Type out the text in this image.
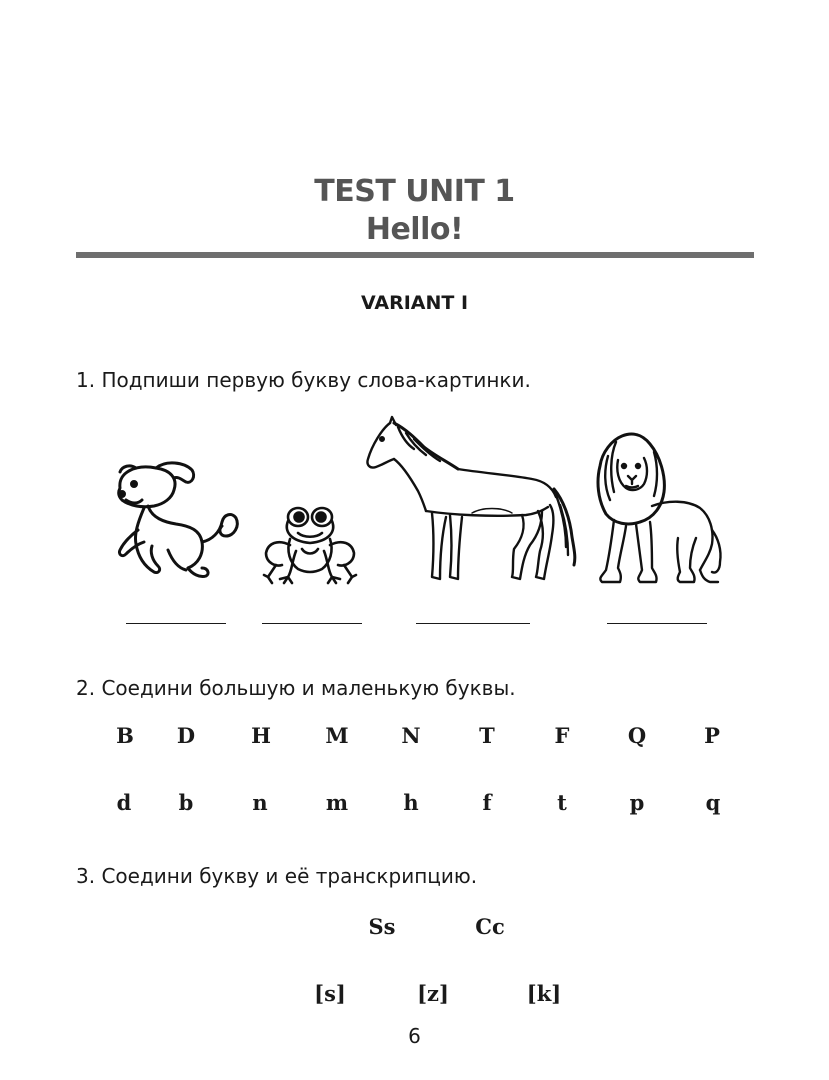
TEST UNIT 1
Hello!
VARIANT I
1. Подпиши первую букву слова-картинки.
2. Соедини большую и маленькую буквы.
B	D	H	M	N	T	F	Q	P
d	b	n	m	h	f	t	p	q
3. Соедини букву и её транскрипцию.
Ss	Cc
[s]	[z]	[k]
6
